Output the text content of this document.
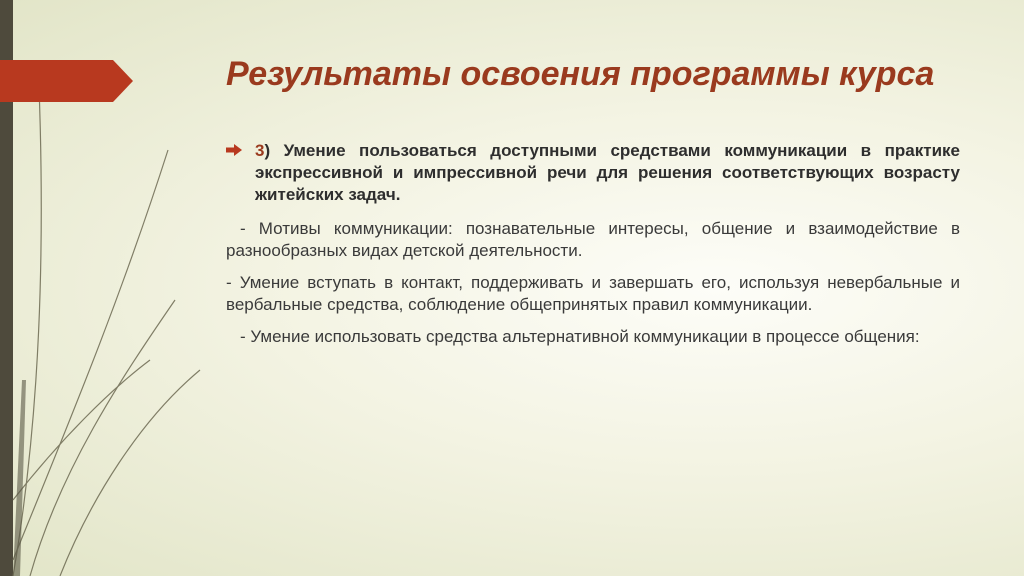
Результаты освоения программы курса
3) Умение пользоваться доступными средствами коммуникации в практике экспрессивной и импрессивной речи для решения соответствующих возрасту житейских задач.

- Мотивы коммуникации: познавательные интересы, общение и взаимодействие в разнообразных видах детской деятельности.

- Умение вступать в контакт, поддерживать и завершать его, используя невербальные и вербальные средства, соблюдение общепринятых правил коммуникации.

- Умение использовать средства альтернативной коммуникации в процессе общения:
